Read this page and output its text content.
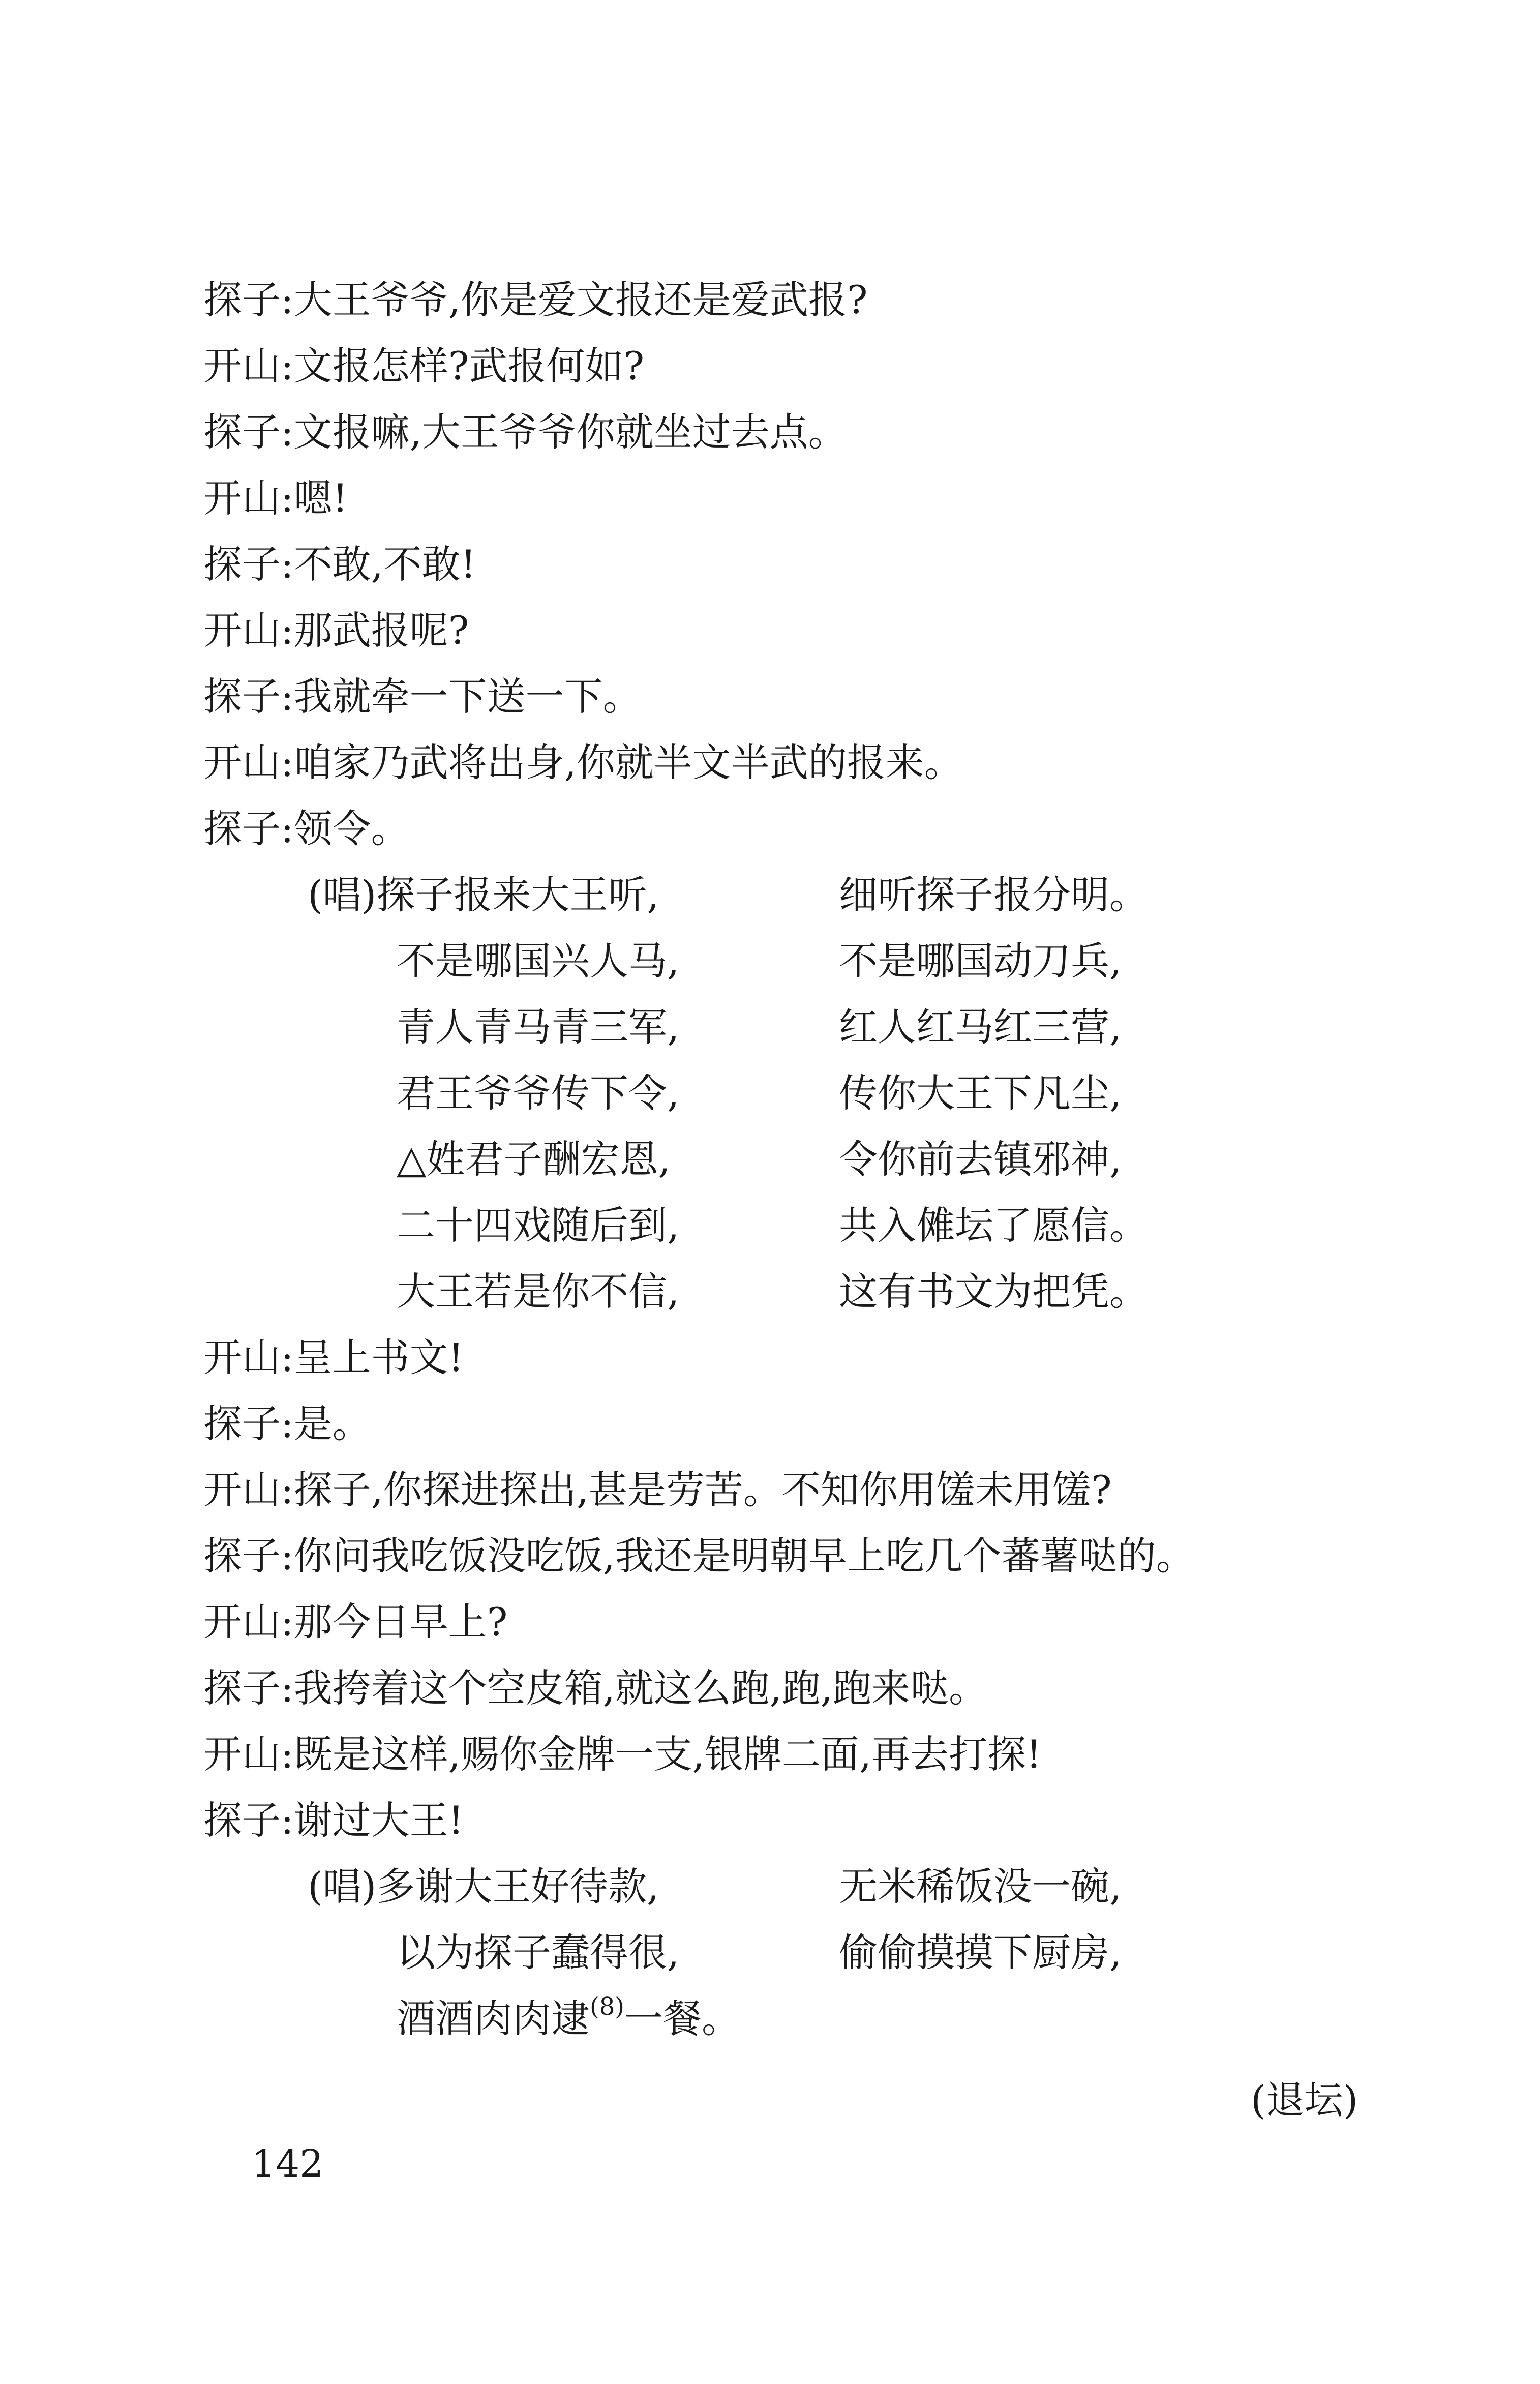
探子:大王爷爷,你是爱文报还是爱武报?
开山:文报怎样?武报何如?
探子:文报嘛,大王爷爷你就坐过去点。
开山:嗯!
探子:不敢,不敢!
开山:那武报呢?
探子:我就牵一下送一下。
开山:咱家乃武将出身,你就半文半武的报来。
探子:领令。
(唱)探子报来大王听,	细听探子报分明。
不是哪国兴人马,	不是哪国动刀兵,
青人青马青三军,	红人红马红三营,
君王爷爷传下令,	传你大王下凡尘,
△姓君子酬宏恩,	令你前去镇邪神,
二十四戏随后到,	共入傩坛了愿信。
大王若是你不信,	这有书文为把凭。
开山:呈上书文!
探子:是。
开山:探子,你探进探出,甚是劳苦。不知你用馐未用馐?
探子:你问我吃饭没吃饭,我还是明朝早上吃几个蕃薯哒的。
开山:那今日早上?
探子:我挎着这个空皮箱,就这么跑,跑,跑来哒。
开山:既是这样,赐你金牌一支,银牌二面,再去打探!
探子:谢过大王!
(唱)多谢大王好待款,	无米稀饭没一碗,
以为探子蠢得很,	偷偷摸摸下厨房,
酒酒肉肉逮$^{(8)}$一餐。
(退坛)
142
